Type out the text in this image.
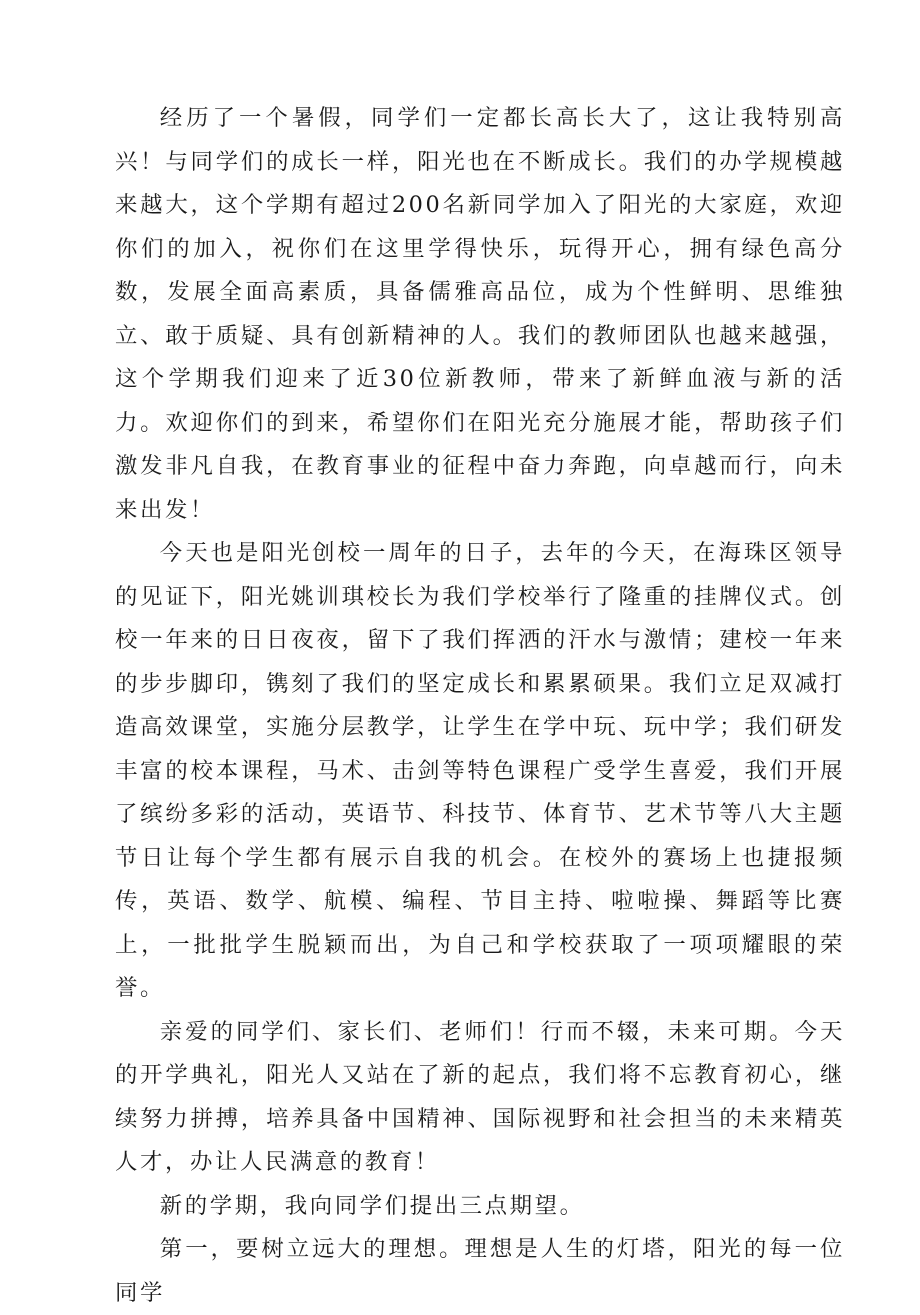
经历了一个暑假，同学们一定都长高长大了，这让我特别高兴！与同学们的成长一样，阳光也在不断成长。我们的办学规模越来越大，这个学期有超过200名新同学加入了阳光的大家庭，欢迎你们的加入，祝你们在这里学得快乐，玩得开心，拥有绿色高分数，发展全面高素质，具备儒雅高品位，成为个性鲜明、思维独立、敢于质疑、具有创新精神的人。我们的教师团队也越来越强，这个学期我们迎来了近30位新教师，带来了新鲜血液与新的活力。欢迎你们的到来，希望你们在阳光充分施展才能，帮助孩子们激发非凡自我，在教育事业的征程中奋力奔跑，向卓越而行，向未来出发！

今天也是阳光创校一周年的日子，去年的今天，在海珠区领导的见证下，阳光姚训琪校长为我们学校举行了隆重的挂牌仪式。创校一年来的日日夜夜，留下了我们挥洒的汗水与激情；建校一年来的步步脚印，镌刻了我们的坚定成长和累累硕果。我们立足双减打造高效课堂，实施分层教学，让学生在学中玩、玩中学；我们研发丰富的校本课程，马术、击剑等特色课程广受学生喜爱，我们开展了缤纷多彩的活动，英语节、科技节、体育节、艺术节等八大主题节日让每个学生都有展示自我的机会。在校外的赛场上也捷报频传，英语、数学、航模、编程、节目主持、啦啦操、舞蹈等比赛上，一批批学生脱颖而出，为自己和学校获取了一项项耀眼的荣誉。

亲爱的同学们、家长们、老师们！行而不辍，未来可期。今天的开学典礼，阳光人又站在了新的起点，我们将不忘教育初心，继续努力拼搏，培养具备中国精神、国际视野和社会担当的未来精英人才，办让人民满意的教育！

新的学期，我向同学们提出三点期望。

第一，要树立远大的理想。理想是人生的灯塔，阳光的每一位同学
